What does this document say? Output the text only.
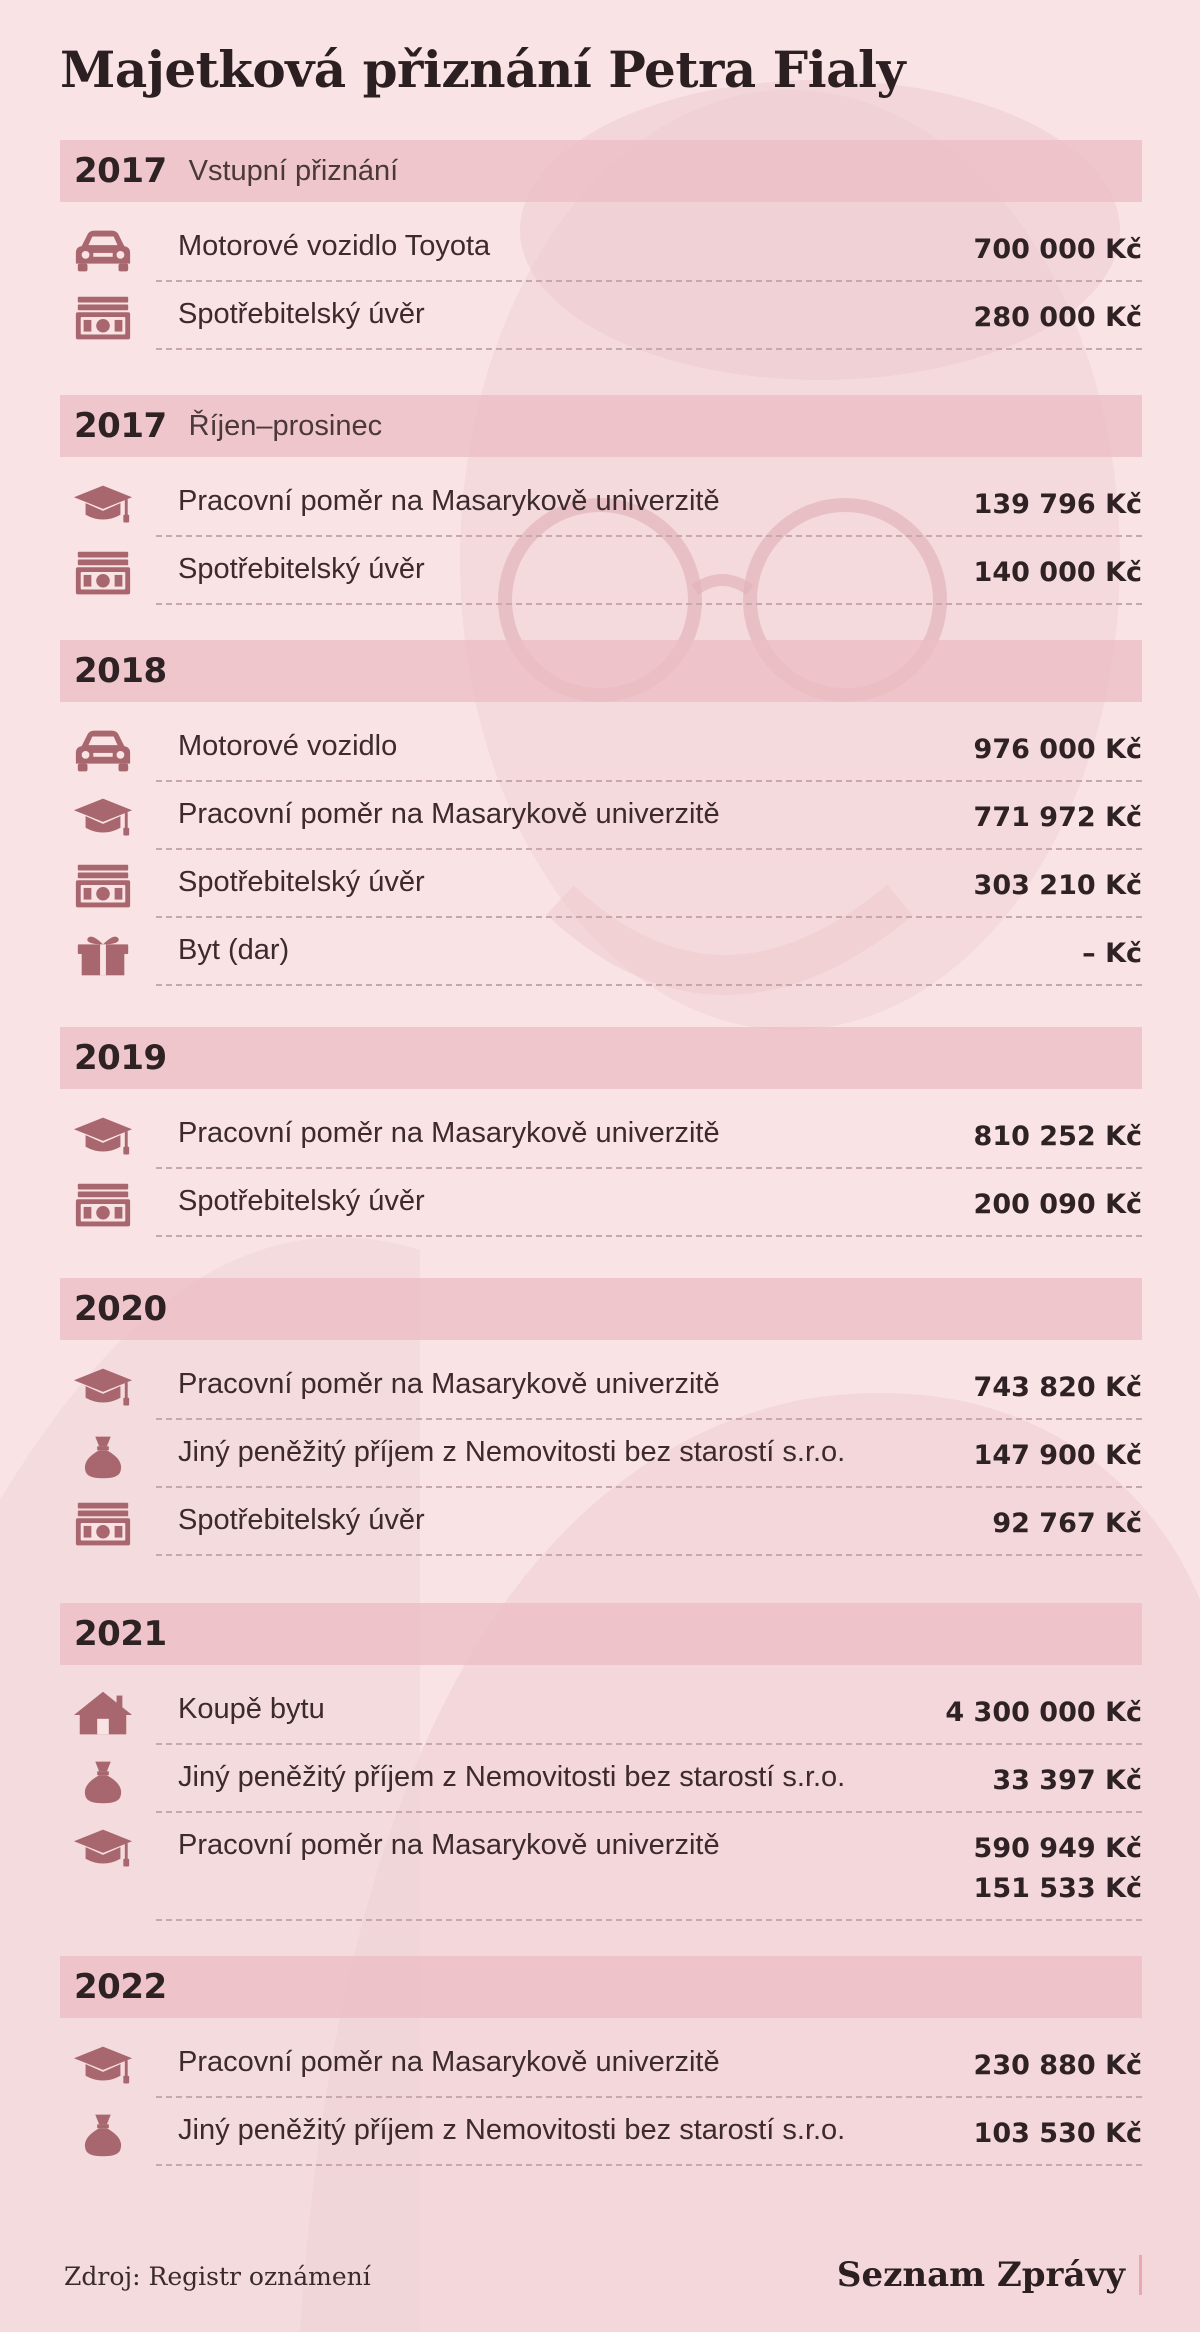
Majetková přiznání Petra Fialy
2017 Vstupní přiznání
Motorové vozidlo Toyota	700 000 Kč
Spotřebitelský úvěr	280 000 Kč
2017 Říjen–prosinec
Pracovní poměr na Masarykově univerzitě	139 796 Kč
Spotřebitelský úvěr	140 000 Kč
2018
Motorové vozidlo	976 000 Kč
Pracovní poměr na Masarykově univerzitě	771 972 Kč
Spotřebitelský úvěr	303 210 Kč
Byt (dar)	– Kč
2019
Pracovní poměr na Masarykově univerzitě	810 252 Kč
Spotřebitelský úvěr	200 090 Kč
2020
Pracovní poměr na Masarykově univerzitě	743 820 Kč
Jiný peněžitý příjem z Nemovitosti bez starostí s.r.o.	147 900 Kč
Spotřebitelský úvěr	92 767 Kč
2021
Koupě bytu	4 300 000 Kč
Jiný peněžitý příjem z Nemovitosti bez starostí s.r.o.	33 397 Kč
Pracovní poměr na Masarykově univerzitě	590 949 Kč
151 533 Kč
2022
Pracovní poměr na Masarykově univerzitě	230 880 Kč
Jiný peněžitý příjem z Nemovitosti bez starostí s.r.o.	103 530 Kč
Zdroj: Registr oznámení	Seznam Zprávy
